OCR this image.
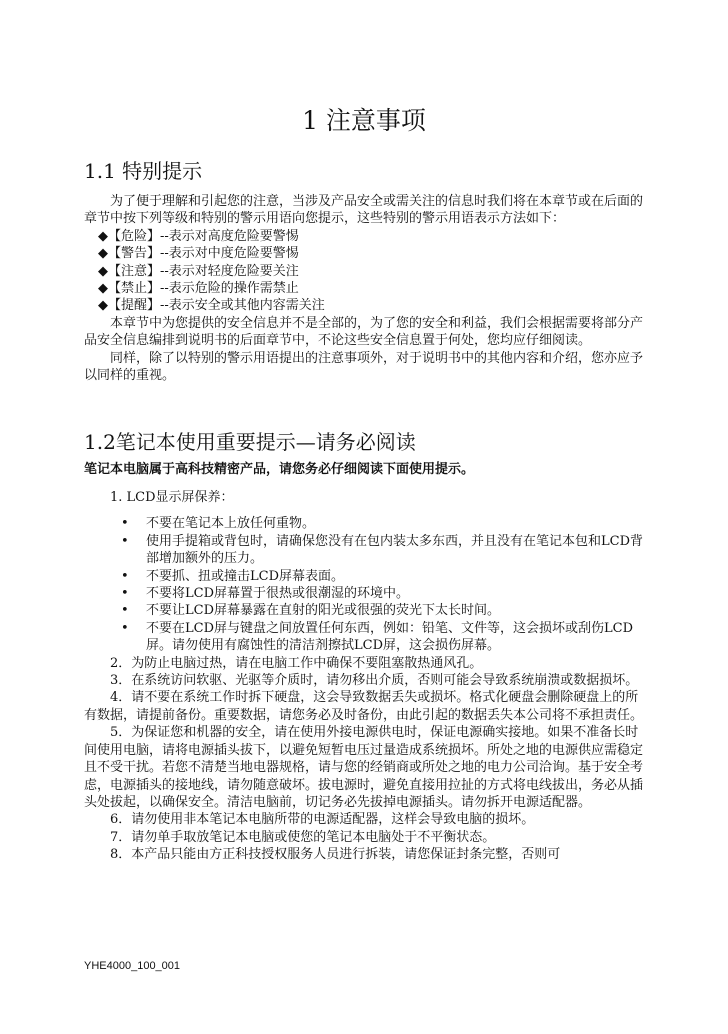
1 注意事项
1.1 特别提示

为了便于理解和引起您的注意，当涉及产品安全或需关注的信息时我们将在本章节或在后面的章节中按下列等级和特别的警示用语向您提示，这些特别的警示用语表示方法如下：

◆ 【危险】--表示对高度危险要警惕
◆ 【警告】--表示对中度危险要警惕
◆ 【注意】--表示对轻度危险要关注
◆ 【禁止】--表示危险的操作需禁止
◆ 【提醒】--表示安全或其他内容需关注

本章节中为您提供的安全信息并不是全部的，为了您的安全和利益，我们会根据需要将部分产品安全信息编排到说明书的后面章节中，不论这些安全信息置于何处，您均应仔细阅读。

同样，除了以特别的警示用语提出的注意事项外，对于说明书中的其他内容和介绍，您亦应予以同样的重视。

1.2笔记本使用重要提示—请务必阅读
笔记本电脑属于高科技精密产品，请您务必仔细阅读下面使用提示。

1. LCD显示屏保养：

• 不要在笔记本上放任何重物。
• 使用手提箱或背包时，请确保您没有在包内装太多东西，并且没有在笔记本包和LCD背部增加额外的压力。
• 不要抓、扭或撞击LCD屏幕表面。
• 不要将LCD屏幕置于很热或很潮湿的环境中。
• 不要让LCD屏幕暴露在直射的阳光或很强的荧光下太长时间。
• 不要在LCD屏与键盘之间放置任何东西，例如：铅笔、文件等，这会损坏或刮伤LCD屏。请勿使用有腐蚀性的清洁剂擦拭LCD屏，这会损伤屏幕。

2．为防止电脑过热，请在电脑工作中确保不要阻塞散热通风孔。

3．在系统访问软驱、光驱等介质时，请勿移出介质，否则可能会导致系统崩溃或数据损坏。

4．请不要在系统工作时拆下硬盘，这会导致数据丢失或损坏。格式化硬盘会删除硬盘上的所有数据，请提前备份。重要数据，请您务必及时备份，由此引起的数据丢失本公司将不承担责任。

5．为保证您和机器的安全，请在使用外接电源供电时，保证电源确实接地。如果不准备长时间使用电脑，请将电源插头拔下，以避免短暂电压过量造成系统损坏。所处之地的电源供应需稳定且不受干扰。若您不清楚当地电器规格，请与您的经销商或所处之地的电力公司洽询。基于安全考虑，电源插头的接地线，请勿随意破坏。拔电源时，避免直接用拉扯的方式将电线拔出，务必从插头处拔起，以确保安全。清洁电脑前，切记务必先拔掉电源插头。请勿拆开电源适配器。

6．请勿使用非本笔记本电脑所带的电源适配器，这样会导致电脑的损坏。

7．请勿单手取放笔记本电脑或使您的笔记本电脑处于不平衡状态。

8．本产品只能由方正科技授权服务人员进行拆装，请您保证封条完整，否则可

YHE4000_100_001
